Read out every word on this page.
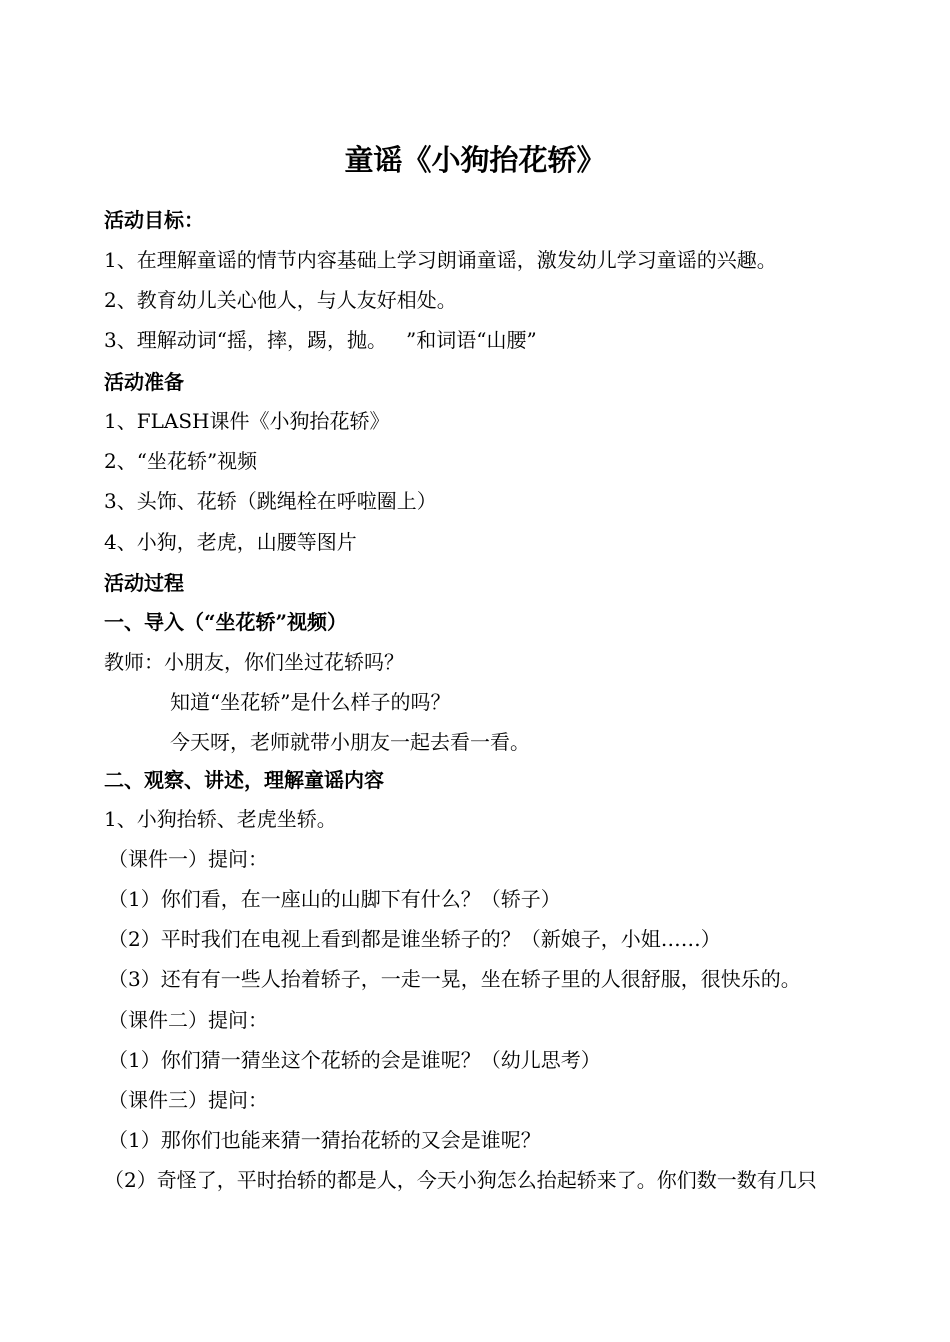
童谣《小狗抬花轿》
活动目标：
1、在理解童谣的情节内容基础上学习朗诵童谣，激发幼儿学习童谣的兴趣。
2、教育幼儿关心他人，与人友好相处。
3、理解动词“摇，摔，踢，抛。   ”和词语“山腰”
活动准备
1、FLASH课件《小狗抬花轿》
2、“坐花轿”视频
3、头饰、花轿（跳绳栓在呼啦圈上）
4、小狗，老虎，山腰等图片
活动过程
一、导入（“坐花轿”视频）
教师：小朋友，你们坐过花轿吗？
知道“坐花轿”是什么样子的吗？
今天呀，老师就带小朋友一起去看一看。
二、观察、讲述，理解童谣内容
1、小狗抬轿、老虎坐轿。
（课件一）提问：
（1）你们看，在一座山的山脚下有什么？（轿子）
（2）平时我们在电视上看到都是谁坐轿子的？（新娘子，小姐……）
（3）还有有一些人抬着轿子，一走一晃，坐在轿子里的人很舒服，很快乐的。
（课件二）提问：
（1）你们猜一猜坐这个花轿的会是谁呢？（幼儿思考）
（课件三）提问：
（1）那你们也能来猜一猜抬花轿的又会是谁呢？
（2）奇怪了，平时抬轿的都是人，今天小狗怎么抬起轿来了。你们数一数有几只
